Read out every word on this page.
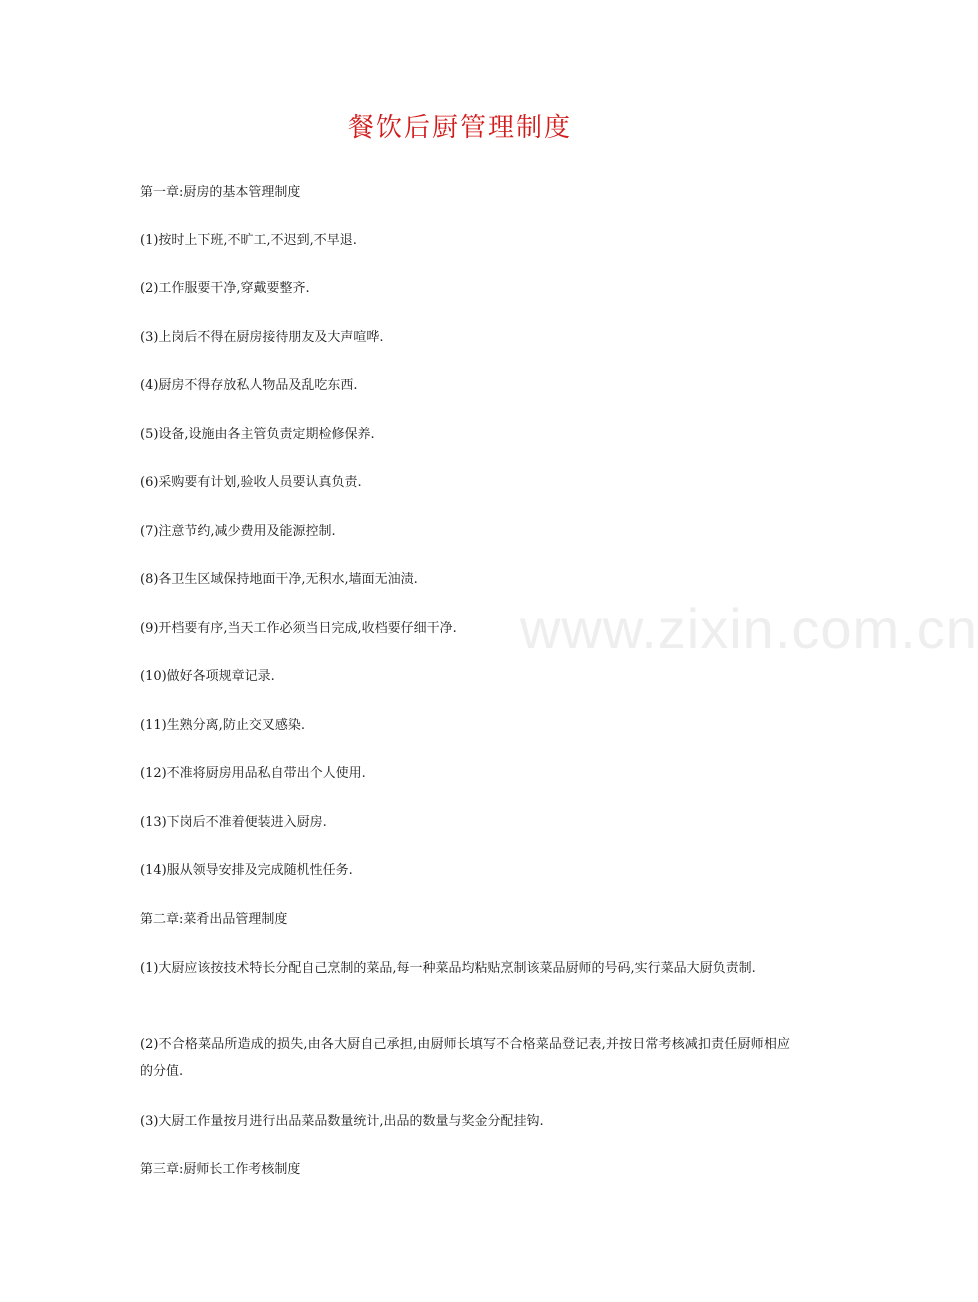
餐饮后厨管理制度
第一章:厨房的基本管理制度
(1)按时上下班,不旷工,不迟到,不早退.
(2)工作服要干净,穿戴要整齐.
(3)上岗后不得在厨房接待朋友及大声喧哗.
(4)厨房不得存放私人物品及乱吃东西.
(5)设备,设施由各主管负责定期检修保养.
(6)采购要有计划,验收人员要认真负责.
(7)注意节约,减少费用及能源控制.
(8)各卫生区域保持地面干净,无积水,墙面无油渍.
(9)开档要有序,当天工作必须当日完成,收档要仔细干净.
(10)做好各项规章记录.
(11)生熟分离,防止交叉感染.
(12)不准将厨房用品私自带出个人使用.
(13)下岗后不准着便装进入厨房.
(14)服从领导安排及完成随机性任务.
第二章:菜肴出品管理制度
(1)大厨应该按技术特长分配自己烹制的菜品,每一种菜品均粘贴烹制该菜品厨师的号码,实行菜品大厨负责制.
(2)不合格菜品所造成的损失,由各大厨自己承担,由厨师长填写不合格菜品登记表,并按日常考核减扣责任厨师相应的分值.
(3)大厨工作量按月进行出品菜品数量统计,出品的数量与奖金分配挂钩.
第三章:厨师长工作考核制度
www.zixin.com.cn
